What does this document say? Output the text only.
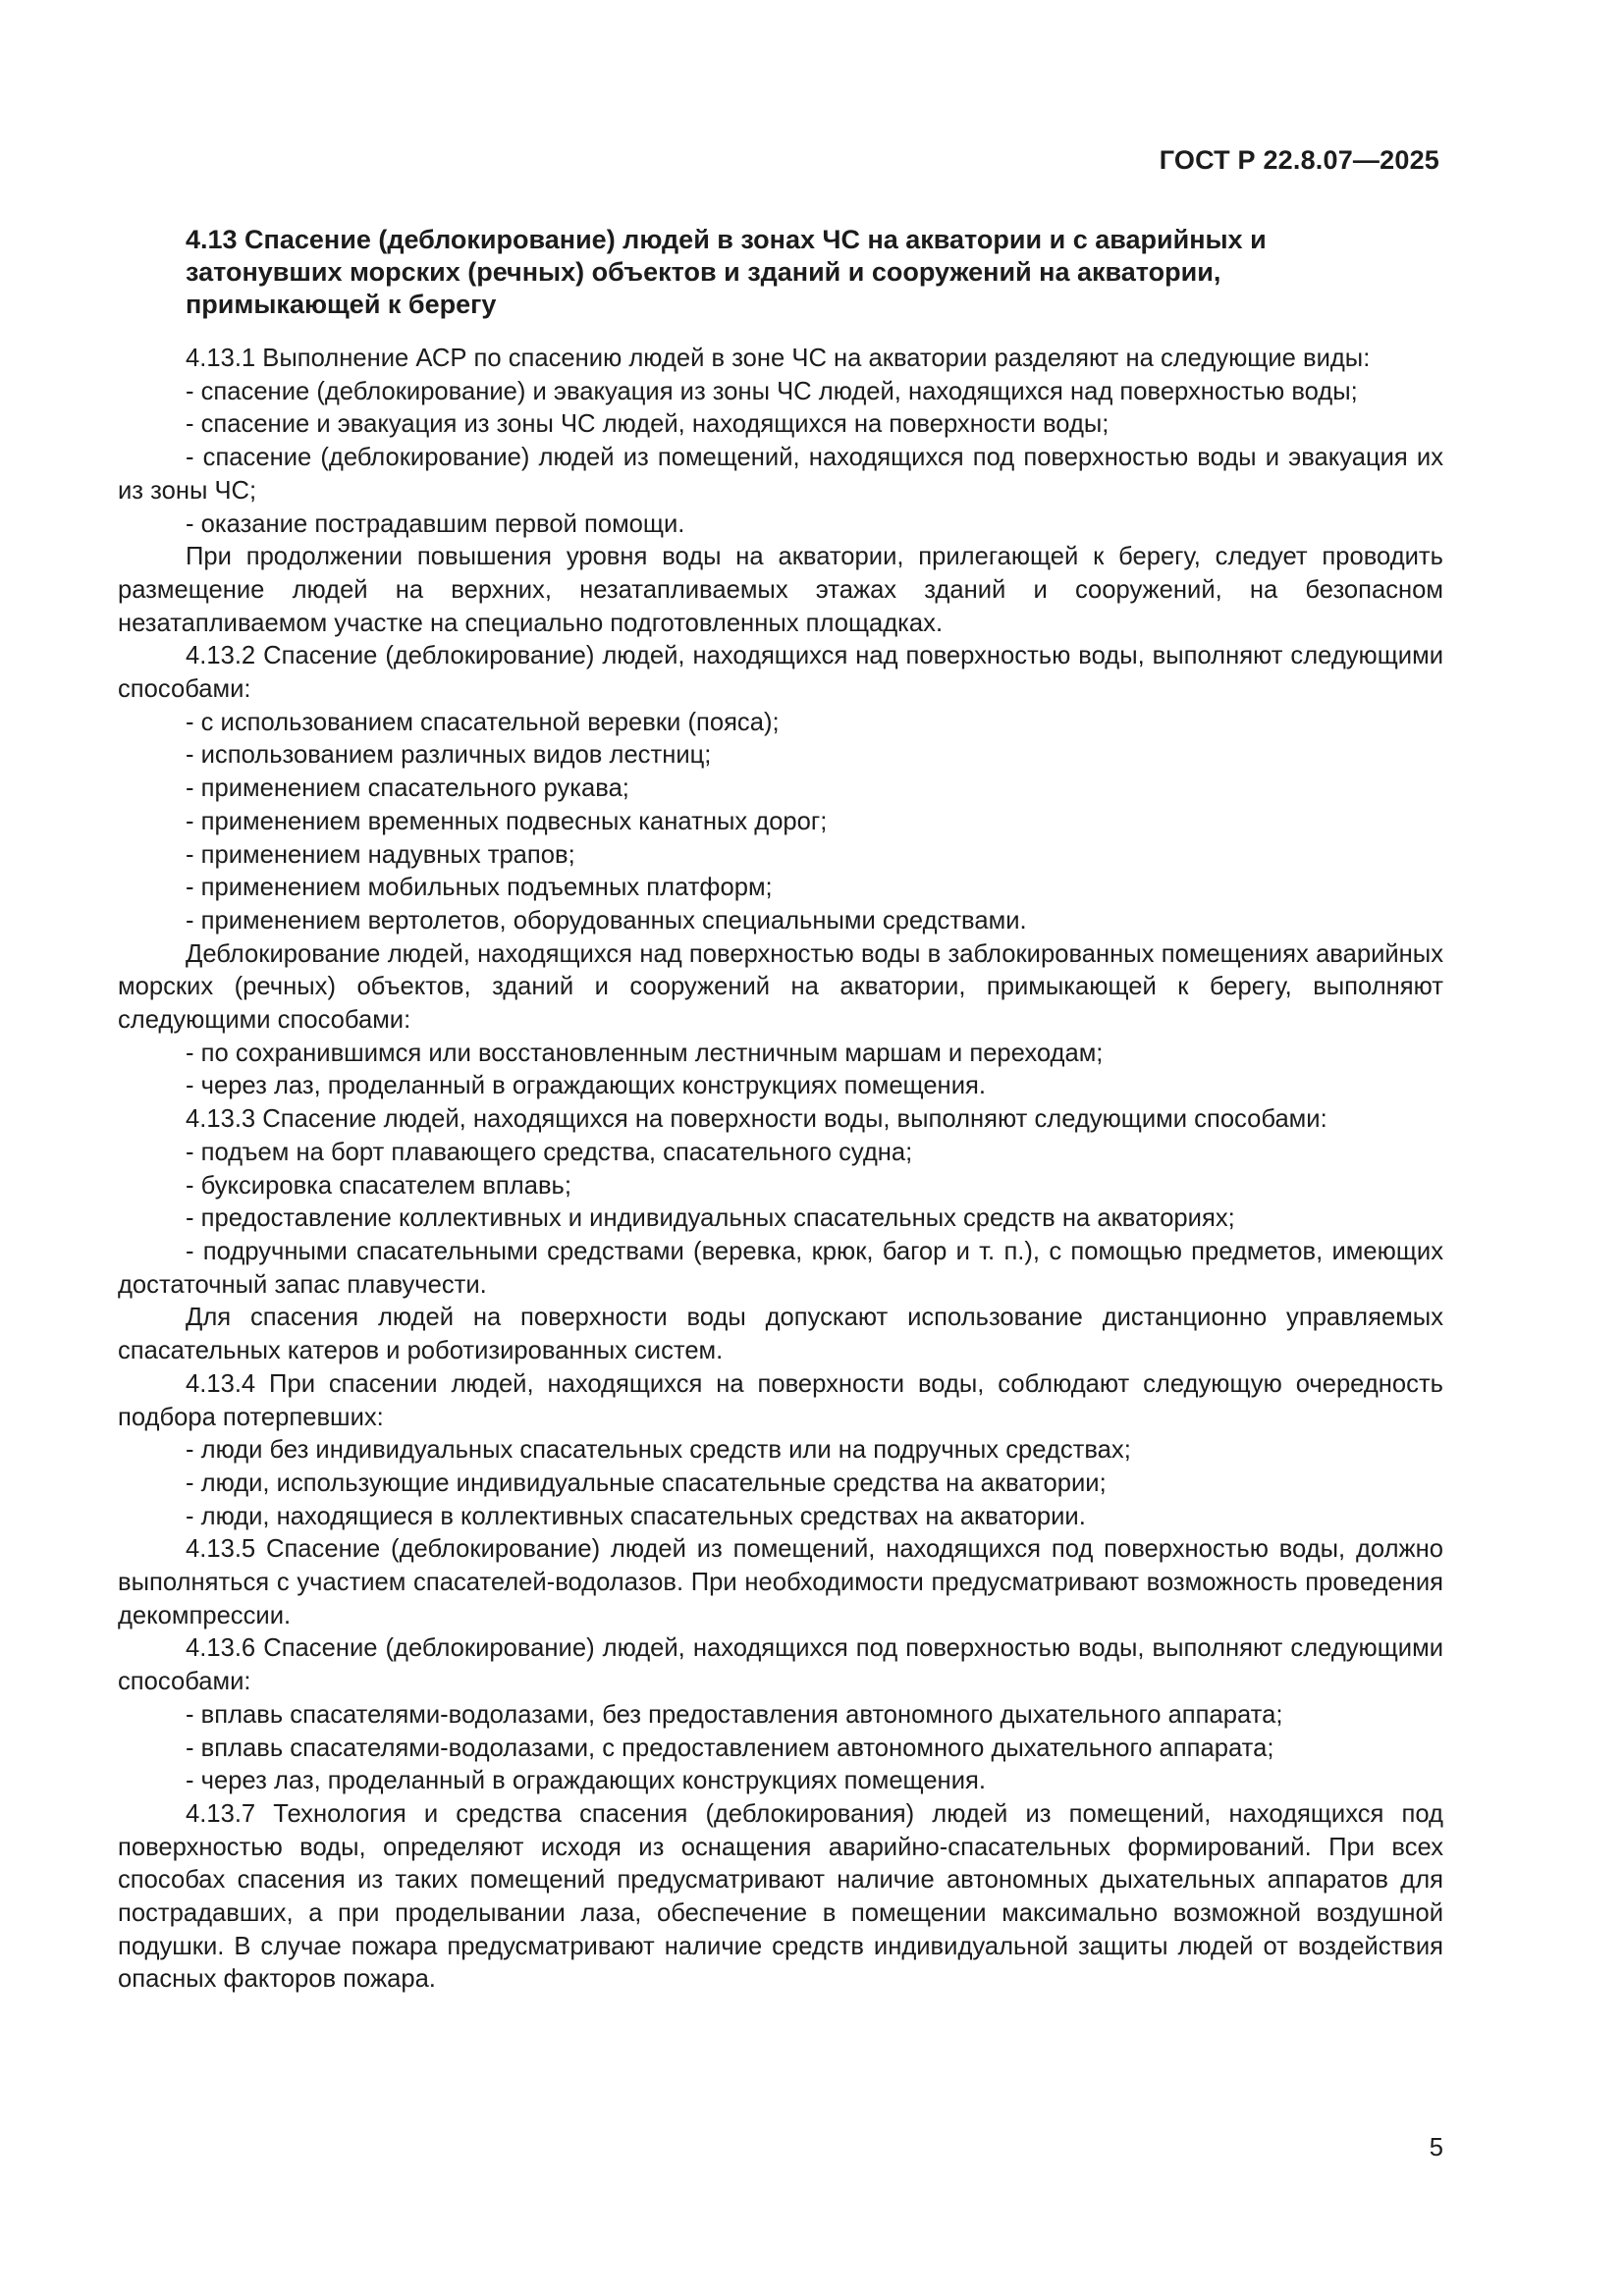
ГОСТ Р 22.8.07—2025
4.13 Спасение (деблокирование) людей в зонах ЧС на акватории и с аварийных и затонувших морских (речных) объектов и зданий и сооружений на акватории, примыкающей к берегу

4.13.1 Выполнение АСР по спасению людей в зоне ЧС на акватории разделяют на следующие виды:

- спасение (деблокирование) и эвакуация из зоны ЧС людей, находящихся над поверхностью воды;

- спасение и эвакуация из зоны ЧС людей, находящихся на поверхности воды;

- спасение (деблокирование) людей из помещений, находящихся под поверхностью воды и эвакуация их из зоны ЧС;

- оказание пострадавшим первой помощи.

При продолжении повышения уровня воды на акватории, прилегающей к берегу, следует проводить размещение людей на верхних, незатапливаемых этажах зданий и сооружений, на безопасном незатапливаемом участке на специально подготовленных площадках.

4.13.2 Спасение (деблокирование) людей, находящихся над поверхностью воды, выполняют следующими способами:

- с использованием спасательной веревки (пояса);

- использованием различных видов лестниц;

- применением спасательного рукава;

- применением временных подвесных канатных дорог;

- применением надувных трапов;

- применением мобильных подъемных платформ;

- применением вертолетов, оборудованных специальными средствами.

Деблокирование людей, находящихся над поверхностью воды в заблокированных помещениях аварийных морских (речных) объектов, зданий и сооружений на акватории, примыкающей к берегу, выполняют следующими способами:

- по сохранившимся или восстановленным лестничным маршам и переходам;

- через лаз, проделанный в ограждающих конструкциях помещения.

4.13.3 Спасение людей, находящихся на поверхности воды, выполняют следующими способами:

- подъем на борт плавающего средства, спасательного судна;

- буксировка спасателем вплавь;

- предоставление коллективных и индивидуальных спасательных средств на акваториях;

- подручными спасательными средствами (веревка, крюк, багор и т. п.), с помощью предметов, имеющих достаточный запас плавучести.

Для спасения людей на поверхности воды допускают использование дистанционно управляемых спасательных катеров и роботизированных систем.

4.13.4 При спасении людей, находящихся на поверхности воды, соблюдают следующую очередность подбора потерпевших:

- люди без индивидуальных спасательных средств или на подручных средствах;

- люди, использующие индивидуальные спасательные средства на акватории;

- люди, находящиеся в коллективных спасательных средствах на акватории.

4.13.5 Спасение (деблокирование) людей из помещений, находящихся под поверхностью воды, должно выполняться с участием спасателей-водолазов. При необходимости предусматривают возможность проведения декомпрессии.

4.13.6 Спасение (деблокирование) людей, находящихся под поверхностью воды, выполняют следующими способами:

- вплавь спасателями-водолазами, без предоставления автономного дыхательного аппарата;

- вплавь спасателями-водолазами, с предоставлением автономного дыхательного аппарата;

- через лаз, проделанный в ограждающих конструкциях помещения.

4.13.7 Технология и средства спасения (деблокирования) людей из помещений, находящихся под поверхностью воды, определяют исходя из оснащения аварийно-спасательных формирований. При всех способах спасения из таких помещений предусматривают наличие автономных дыхательных аппаратов для пострадавших, а при проделывании лаза, обеспечение в помещении максимально возможной воздушной подушки. В случае пожара предусматривают наличие средств индивидуальной защиты людей от воздействия опасных факторов пожара.

5
